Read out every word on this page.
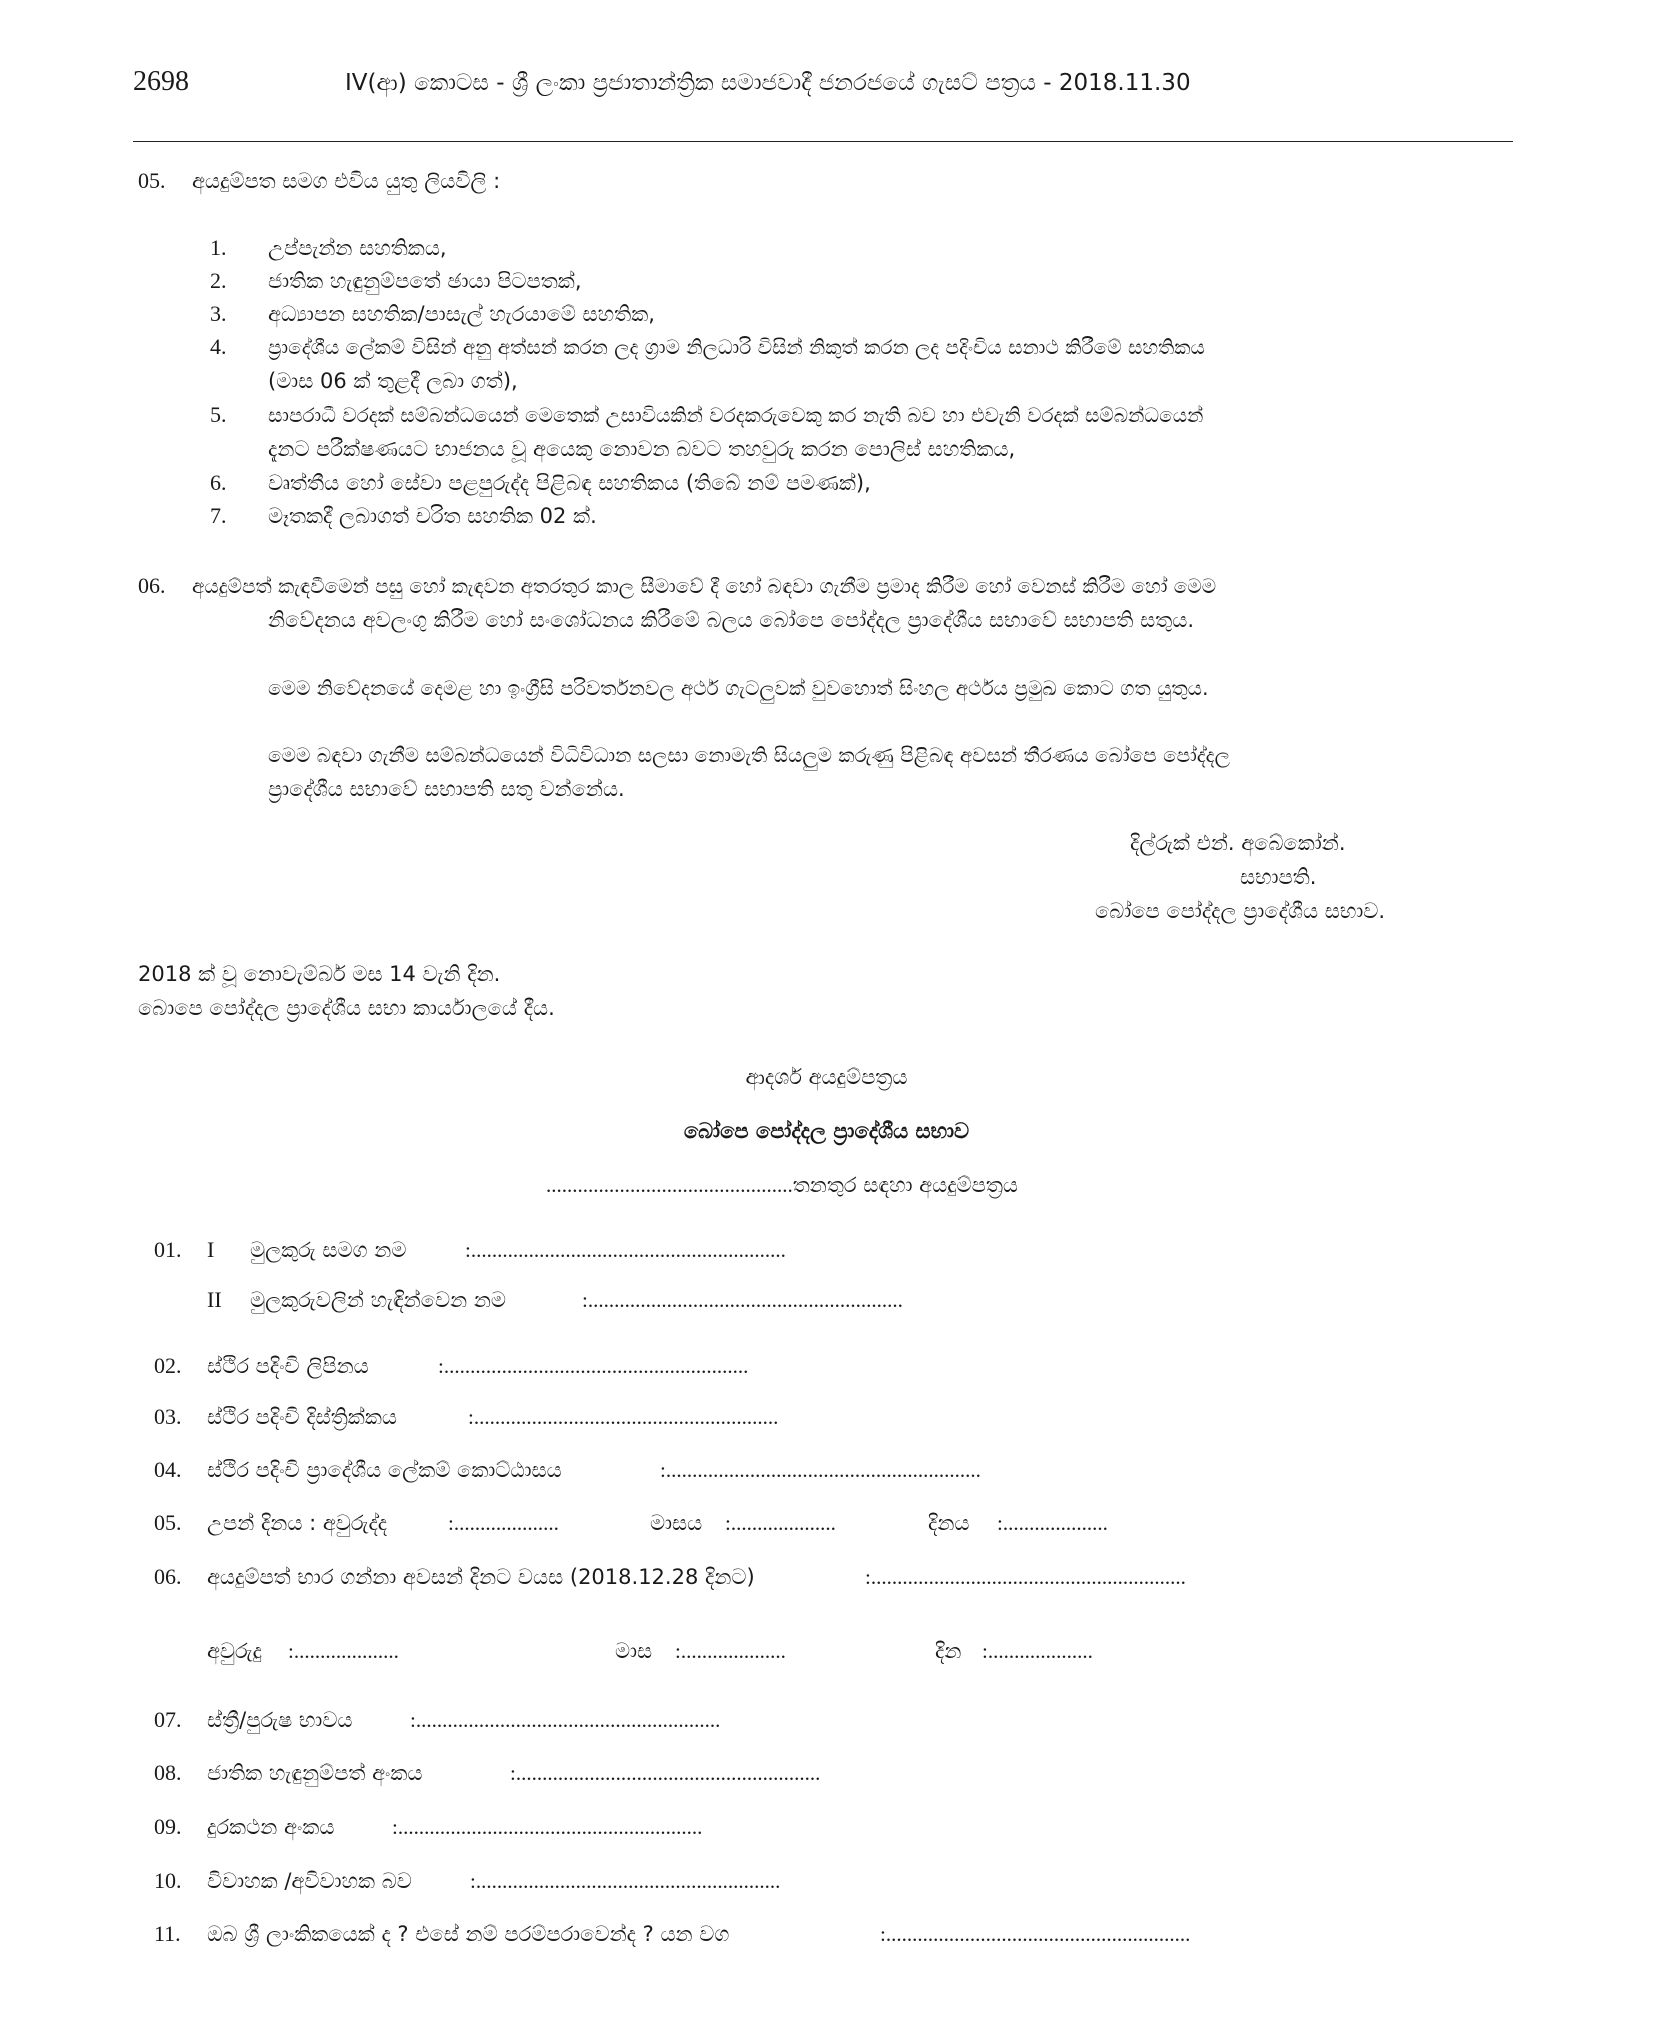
2698	IV(ආ) කොටස - ශ්‍රී ලංකා ප්‍රජාතාන්ත්‍රික සමාජවාදී ජනරජයේ ගැසට් පත්‍රය - 2018.11.30
05. අයදුම්පත සමග එවිය යුතු ලියවිලි :
1. උප්පැන්න සහතිකය,
2. ජාතික හැඳුනුම්පතේ ඡායා පිටපතක්,
3. අධ්‍යාපන සහතික/පාසැල් හැරයාමේ සහතික,
4. ප්‍රාදේශීය ලේකම් විසින් අනු අත්සන් කරන ලද ග්‍රාම නිලධාරි විසින් නිකුත් කරන ලද පදිංචිය සනාථ කිරීමේ සහතිකය
(මාස 06 ක් තුළදී ලබා ගත්),
5. සාපරාධී වරදක් සම්බන්ධයෙන් මෙතෙක් උසාවියකින් වරදකරුවෙකු කර නැති බව හා එවැනි වරදක් සම්බන්ධයෙන්
දැනට පරීක්ෂණයට භාජනය වූ අයෙකු නොවන බවට තහවුරු කරන පොලිස් සහතිකය,
6. වෘත්තීය හෝ සේවා පළපුරුද්ද පිළිබඳ සහතිකය (තිබේ නම් පමණක්),
7. මෑතකදී ලබාගත් චරිත සහතික 02 ක්.
06. අයදුම්පත් කැඳවීමෙන් පසු හෝ කැඳවන අතරතුර කාල සීමාවේ දී හෝ බඳවා ගැනීම ප්‍රමාද කිරීම හෝ වෙනස් කිරීම හෝ මෙම
නිවේදනය අවලංගු කිරීම හෝ සංශෝධනය කිරීමේ බලය බෝපෙ පෝද්දල ප්‍රාදේශීය සභාවේ සභාපති සතුය.
මෙම නිවේදනයේ දෙමළ හා ඉංග්‍රීසි පරිවර්තනවල අර්ථ ගැටලුවක් වුවහොත් සිංහල අර්ථය ප්‍රමුඛ කොට ගත යුතුය.
මෙම බඳවා ගැනීම සම්බන්ධයෙන් විධිවිධාන සලසා නොමැති සියලුම කරුණු පිළිබඳ අවසන් තීරණය බෝපෙ පෝද්දල
ප්‍රාදේශීය සභාවේ සභාපති සතු වන්නේය.
දිල්රුක් එන්. අබේකෝන්.
සභාපති.
බෝපෙ පෝද්දල ප්‍රාදේශීය සභාව.
2018 ක් වූ නොවැම්බර් මස 14 වැනි දින.
බොපෙ පෝද්දල ප්‍රාදේශීය සභා කාර්යාලයේ දීය.
ආදර්ශ අයදුම්පත්‍රය
බෝපෙ පෝද්දල ප්‍රාදේශීය සභාව
...............................................තනතුර සඳහා අයදුම්පත්‍රය
01. I මුලකුරු සමග නම	:............................................................
II මුලකුරුවලින් හැඳින්වෙන නම	:............................................................
02. ස්ථිර පදිංචි ලිපිනය	:..........................................................
03. ස්ථිර පදිංචි දිස්ත්‍රික්කය	:..........................................................
04. ස්ථිර පදිංචි ප්‍රාදේශීය ලේකම් කොට්ඨාසය	:............................................................
05. උපන් දිනය : අවුරුද්ද	:....................	මාසය :....................	දිනය :....................
06. අයදුම්පත් භාර ගන්නා අවසන් දිනට වයස (2018.12.28 දිනට)	:............................................................
අවුරුදු :....................	මාස :....................	දින :....................
07. ස්ත්‍රී/පුරුෂ භාවය	:..........................................................
08. ජාතික හැඳුනුම්පත් අංකය	:..........................................................
09. දුරකථන අංකය	:..........................................................
10. විවාහක /අවිවාහක බව	:..........................................................
11. ඔබ ශ්‍රී ලාංකිකයෙක් ද ? එසේ නම් පරම්පරාවෙන්ද ? යන වග	:..........................................................
